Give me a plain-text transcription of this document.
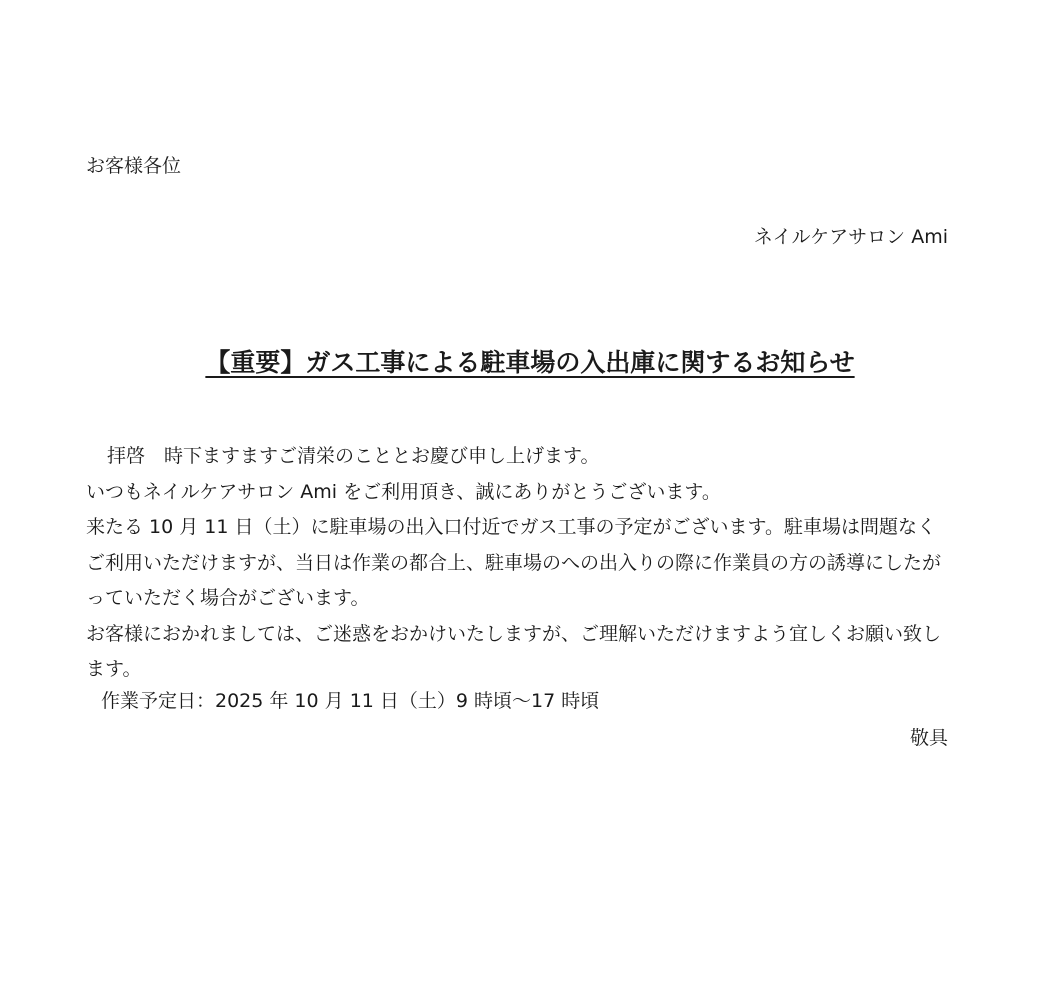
お客様各位
ネイルケアサロン Ami
【重要】ガス工事による駐車場の入出庫に関するお知らせ

拝啓　時下ますますご清栄のこととお慶び申し上げます。

いつもネイルケアサロン Ami をご利用頂き、誠にありがとうございます。

来たる 10 月 11 日（土）に駐車場の出入口付近でガス工事の予定がございます。駐車場は問題なくご利用いただけますが、当日は作業の都合上、駐車場のへの出入りの際に作業員の方の誘導にしたがっていただく場合がございます。

お客様におかれましては、ご迷惑をおかけいたしますが、ご理解いただけますよう宜しくお願い致します。

作業予定日：2025 年 10 月 11 日（土）9 時頃～17 時頃
敬具
